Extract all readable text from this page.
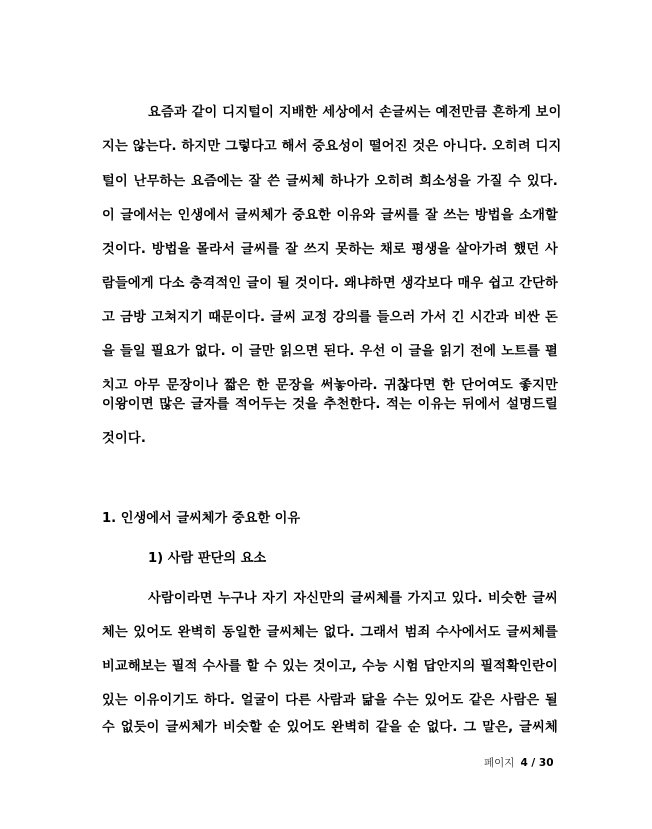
요즘과 같이 디지털이 지배한 세상에서 손글씨는 예전만큼 흔하게 보이
지는 않는다. 하지만 그렇다고 해서 중요성이 떨어진 것은 아니다. 오히려 디지
털이 난무하는 요즘에는 잘 쓴 글씨체 하나가 오히려 희소성을 가질 수 있다.
이 글에서는 인생에서 글씨체가 중요한 이유와 글씨를 잘 쓰는 방법을 소개할
것이다. 방법을 몰라서 글씨를 잘 쓰지 못하는 채로 평생을 살아가려 했던 사
람들에게 다소 충격적인 글이 될 것이다. 왜냐하면 생각보다 매우 쉽고 간단하
고 금방 고쳐지기 때문이다. 글씨 교정 강의를 들으러 가서 긴 시간과 비싼 돈
을 들일 필요가 없다. 이 글만 읽으면 된다. 우선 이 글을 읽기 전에 노트를 펼
치고 아무 문장이나 짧은 한 문장을 써놓아라. 귀찮다면 한 단어여도 좋지만
이왕이면 많은 글자를 적어두는 것을 추천한다. 적는 이유는 뒤에서 설명드릴
것이다.
1. 인생에서 글씨체가 중요한 이유
1) 사람 판단의 요소
사람이라면 누구나 자기 자신만의 글씨체를 가지고 있다. 비슷한 글씨
체는 있어도 완벽히 동일한 글씨체는 없다. 그래서 범죄 수사에서도 글씨체를
비교해보는 필적 수사를 할 수 있는 것이고, 수능 시험 답안지의 필적확인란이
있는 이유이기도 하다. 얼굴이 다른 사람과 닮을 수는 있어도 같은 사람은 될
수 없듯이 글씨체가 비슷할 순 있어도 완벽히 같을 순 없다. 그 말은, 글씨체
페이지 4 / 30
